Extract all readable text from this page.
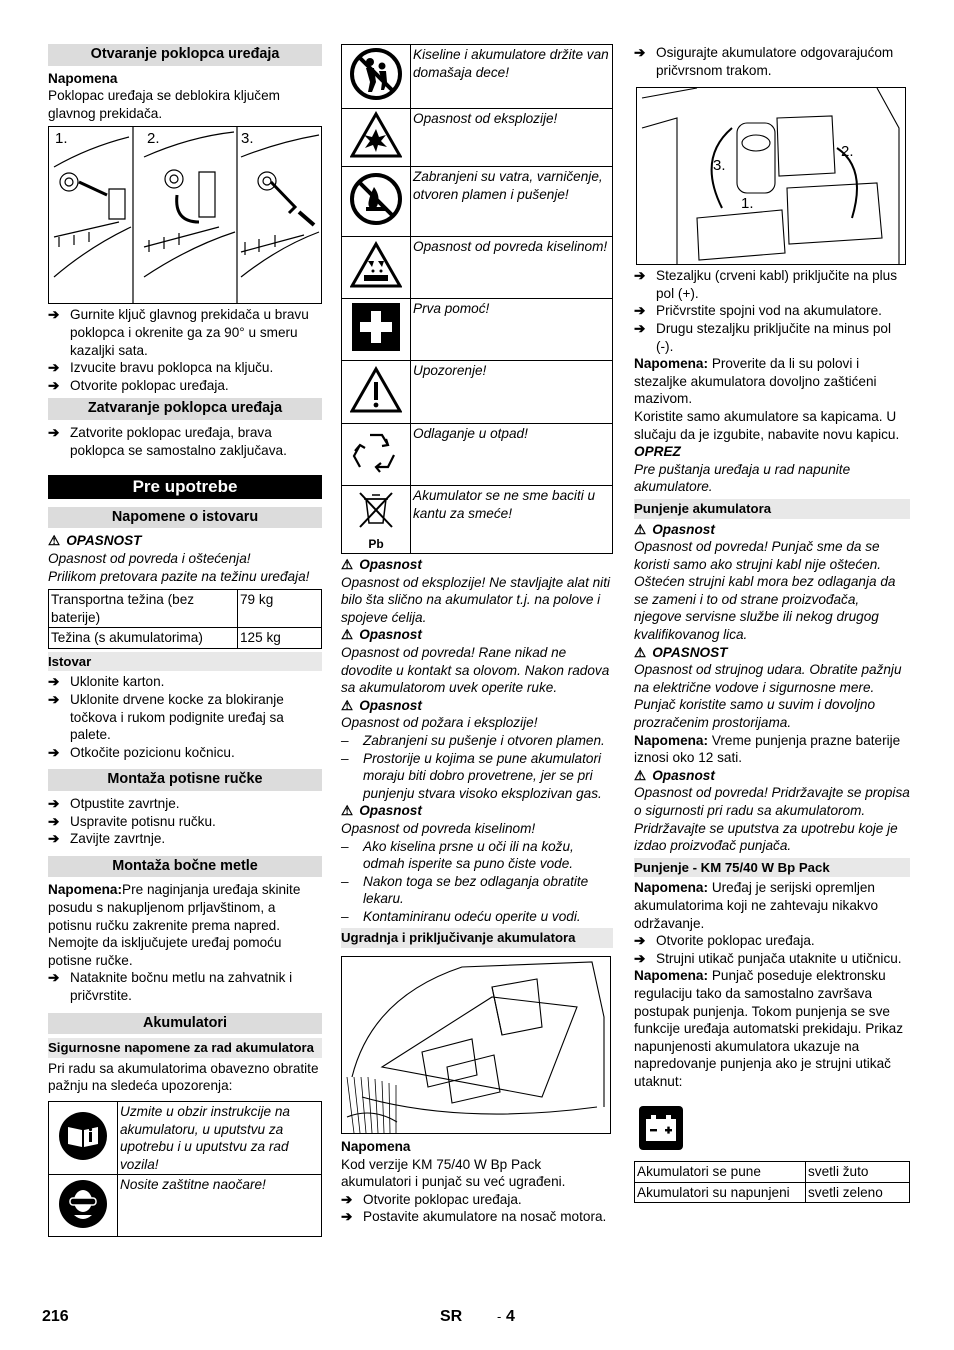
Otvaranje poklopca uređaja

Napomena

Poklopac uređaja se deblokira ključem glavnog prekidača.

1.	2.	3.
➔ Gurnite ključ glavnog prekidača u bravu poklopca i okrenite ga za 90° u smeru kazaljki sata.
➔ Izvucite bravu poklopca na ključu.
➔ Otvorite poklopac uređaja.
Zatvaranje poklopca uređaja
➔ Zatvorite poklopac uređaja, brava poklopca se samostalno zaključava.
Pre upotrebe
Napomene o istovaru

⚠ OPASNOST

Opasnost od povreda i oštećenja!

Prilikom pretovara pazite na težinu uređaja!

Transportna težina (bez baterije)	79 kg
Težina (s akumulatorima)	125 kg
Istovar
➔ Uklonite karton.
➔ Uklonite drvene kocke za blokiranje točkova i rukom podignite uređaj sa palete.
➔ Otkočite pozicionu kočnicu.
Montaža potisne ručke
➔ Otpustite zavrtnje.
➔ Uspravite potisnu ručku.
➔ Zavijte zavrtnje.
Montaža bočne metle

Napomena:Pre naginjanja uređaja skinite posudu s nakupljenom prljavštinom, a potisnu ručku zakrenite prema napred. Nemojte da isključujete uređaj pomoću potisne ručke.

➔ Nataknite bočnu metlu na zahvatnik i pričvrstite.
Akumulatori
Sigurnosne napomene za rad akumulatora

Pri radu sa akumulatorima obavezno obratite pažnju na sledeća upozorenja:

	Uzmite u obzir instrukcije na akumulatoru, u uputstvu za upotrebu i u uputstvu za rad vozila!
	Nosite zaštitne naočare!
	Kiseline i akumulatore držite van domašaja dece!
	Opasnost od eksplozije!
	Zabranjeni su vatra, varničenje, otvoren plamen i pušenje!
	Opasnost od povreda kiselinom!
	Prva pomoć!
	Upozorenje!
	Odlaganje u otpad!

Pb	Akumulator se ne sme baciti u kantu za smeće!

⚠ Opasnost

Opasnost od eksplozije! Ne stavljajte alat niti bilo šta slično na akumulator t.j. na polove i spojeve ćelija.

⚠ Opasnost

Opasnost od povreda! Rane nikad ne dovodite u kontakt sa olovom. Nakon radova sa akumulatorom uvek operite ruke.

⚠ Opasnost

Opasnost od požara i eksplozije!

– Zabranjeni su pušenje i otvoren plamen.
– Prostorije u kojima se pune akumulatori moraju biti dobro provetrene, jer se pri punjenju stvara visoko eksplozivan gas.

⚠ Opasnost

Opasnost od povreda kiselinom!

– Ako kiselina prsne u oči ili na kožu, odmah isperite sa puno čiste vode.
– Nakon toga se bez odlaganja obratite lekaru.
– Kontaminiranu odeću operite u vodi.
Ugradnja i priključivanje akumulatora

Napomena

Kod verzije KM 75/40 W Bp Pack akumulatori i punjač su već ugrađeni.

➔ Otvorite poklopac uređaja.
➔ Postavite akumulatore na nosač motora.
➔ Osigurajte akumulatore odgovarajućom pričvrsnom trakom.
1.
2.
3.
➔ Stezaljku (crveni kabl) priključite na plus pol (+).
➔ Pričvrstite spojni vod na akumulatore.
➔ Drugu stezaljku priključite na minus pol (-).

Napomena: Proverite da li su polovi i stezaljke akumulatora dovoljno zaštićeni mazivom.

Koristite samo akumulatore sa kapicama. U slučaju da je izgubite, nabavite novu kapicu.

OPREZ

Pre puštanja uređaja u rad napunite akumulatore.

Punjenje akumulatora

⚠ Opasnost

Opasnost od povreda! Punjač sme da se koristi samo ako strujni kabl nije oštećen. Oštećen strujni kabl mora bez odlaganja da se zameni i to od strane proizvođača, njegove servisne službe ili nekog drugog kvalifikovanog lica.

⚠ OPASNOST

Opasnost od strujnog udara. Obratite pažnju na električne vodove i sigurnosne mere. Punjač koristite samo u suvim i dovoljno prozračenim prostorijama.

Napomena: Vreme punjenja prazne baterije iznosi oko 12 sati.

⚠ Opasnost

Opasnost od povreda! Pridržavajte se propisa o sigurnosti pri radu sa akumulatorom. Pridržavajte se uputstva za upotrebu koje je izdao proizvođač punjača.

Punjenje - KM 75/40 W Bp Pack

Napomena: Uređaj je serijski opremljen akumulatorima koji ne zahtevaju nikakvo održavanje.

➔ Otvorite poklopac uređaja.
➔ Strujni utikač punjača utaknite u utičnicu.

Napomena: Punjač poseduje elektronsku regulaciju tako da samostalno završava postupak punjenja. Tokom punjenja se sve funkcije uređaja automatski prekidaju. Prikaz napunjenosti akumulatora ukazuje na napredovanje punjenja ako je strujni utikač utaknut:

Akumulatori se pune	svetli žuto
Akumulatori su napunjeni	svetli zeleno
216	SR	- 4
